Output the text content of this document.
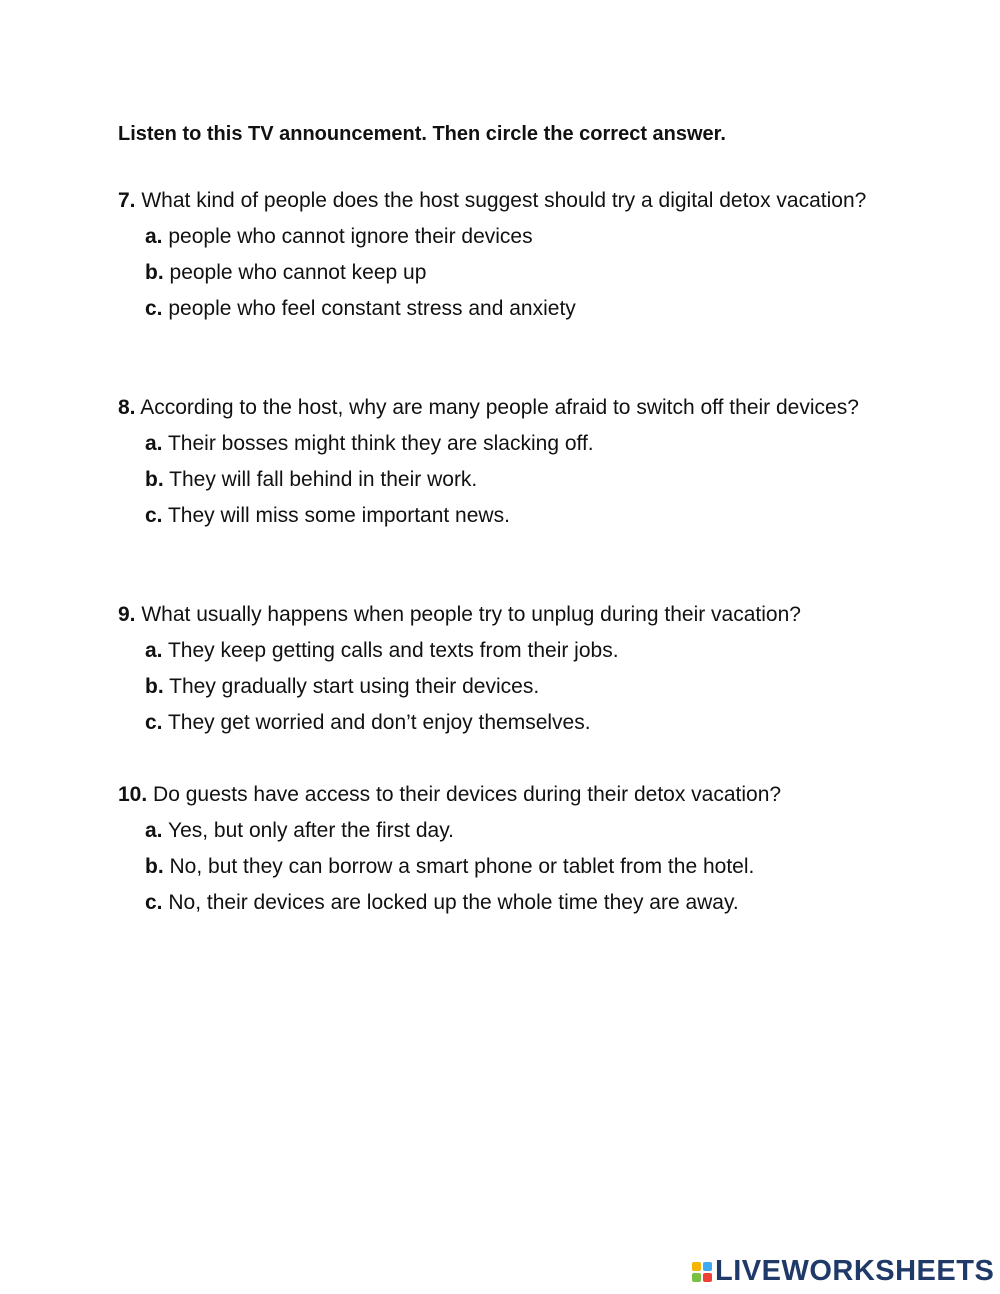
Listen to this TV announcement. Then circle the correct answer.

7. What kind of people does the host suggest should try a digital detox vacation?

a. people who cannot ignore their devices
b. people who cannot keep up
c. people who feel constant stress and anxiety

8. According to the host, why are many people afraid to switch off their devices?

a. Their bosses might think they are slacking off.
b. They will fall behind in their work.
c. They will miss some important news.

9. What usually happens when people try to unplug during their vacation?

a. They keep getting calls and texts from their jobs.
b. They gradually start using their devices.
c. They get worried and don’t enjoy themselves.

10. Do guests have access to their devices during their detox vacation?

a. Yes, but only after the first day.
b. No, but they can borrow a smart phone or tablet from the hotel.
c. No, their devices are locked up the whole time they are away.
LIVEWORKSHEETS
